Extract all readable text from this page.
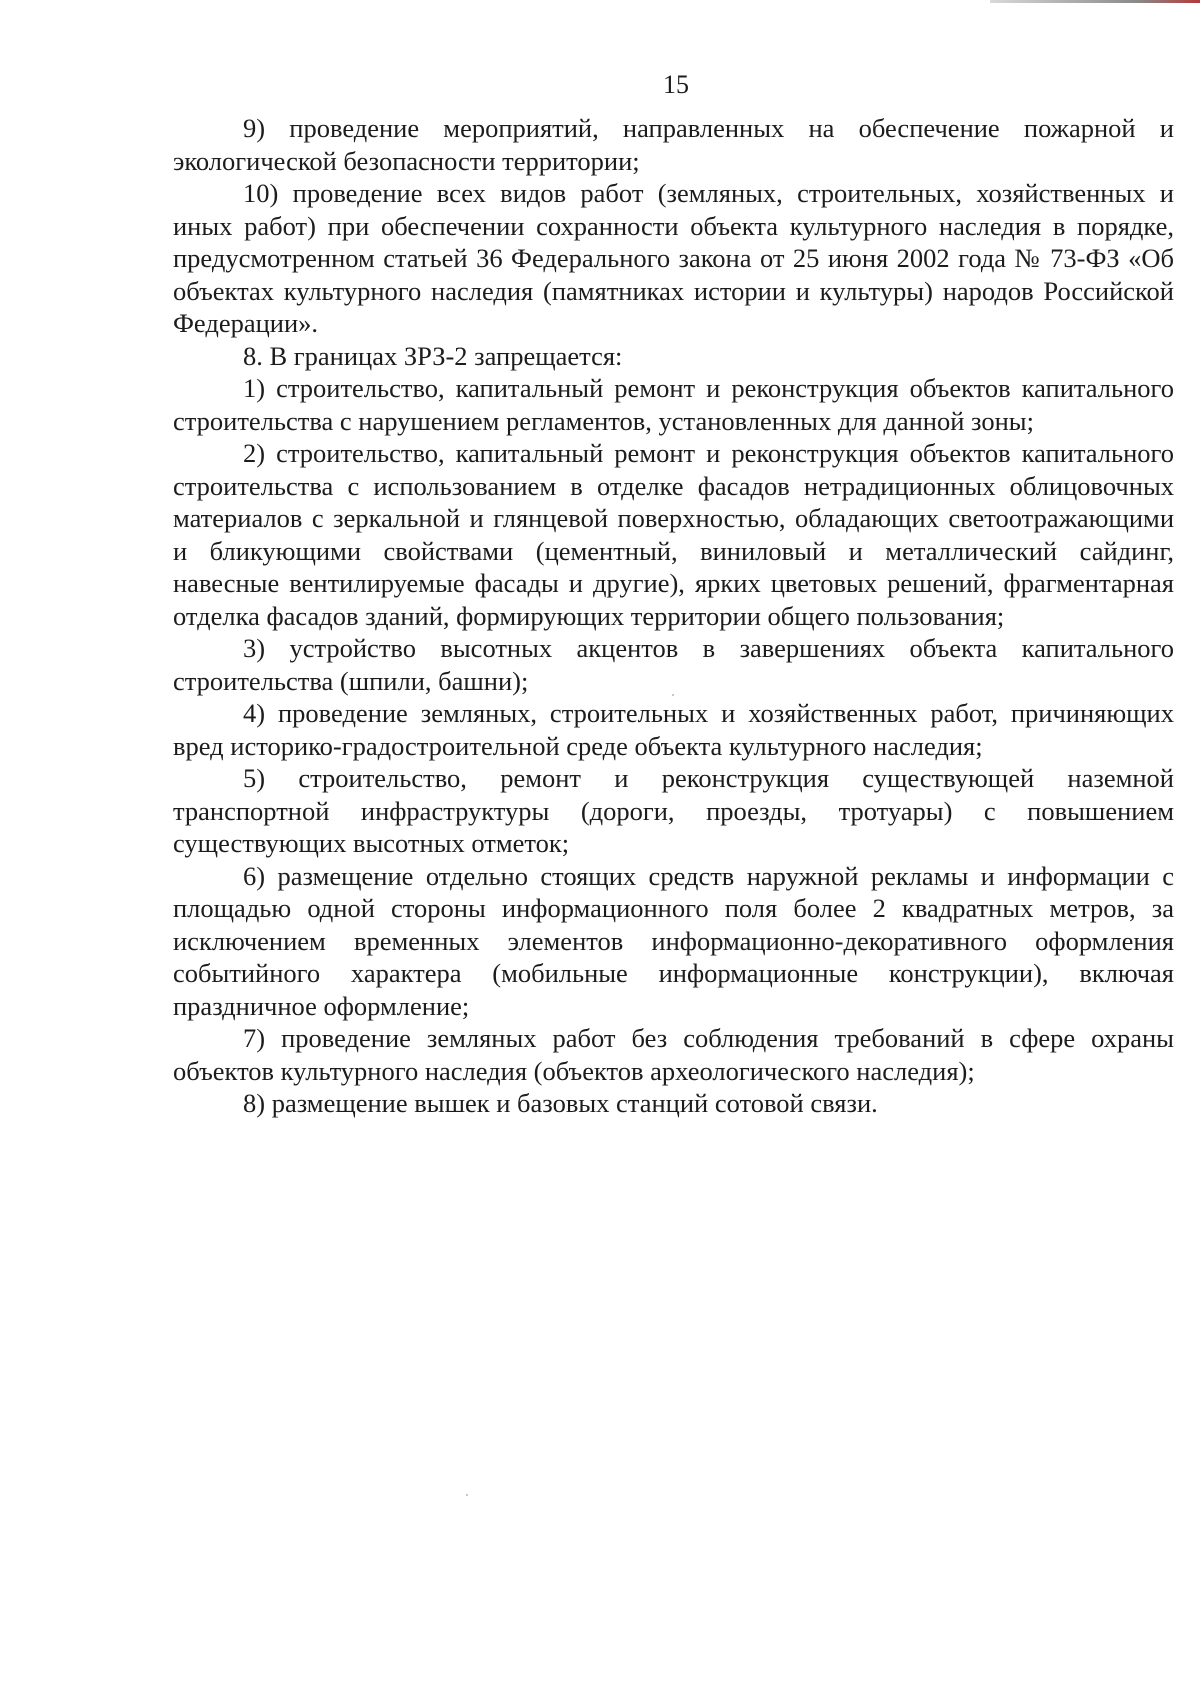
15

9) проведение мероприятий, направленных на обеспечение пожарной и экологической безопасности территории;

10) проведение всех видов работ (земляных, строительных, хозяйственных и иных работ) при обеспечении сохранности объекта культурного наследия в порядке, предусмотренном статьей 36 Федерального закона от 25 июня 2002 года № 73-ФЗ «Об объектах культурного наследия (памятниках истории и культуры) народов Российской Федерации».

8. В границах ЗРЗ-2 запрещается:

1) строительство, капитальный ремонт и реконструкция объектов капитального строительства с нарушением регламентов, установленных для данной зоны;

2) строительство, капитальный ремонт и реконструкция объектов капитального строительства с использованием в отделке фасадов нетрадиционных облицовочных материалов с зеркальной и глянцевой поверхностью, обладающих светоотражающими и бликующими свойствами (цементный, виниловый и металлический сайдинг, навесные вентилируемые фасады и другие), ярких цветовых решений, фрагментарная отделка фасадов зданий, формирующих территории общего пользования;

3) устройство высотных акцентов в завершениях объекта капитального строительства (шпили, башни);

4) проведение земляных, строительных и хозяйственных работ, причиняющих вред историко-градостроительной среде объекта культурного наследия;

5) строительство, ремонт и реконструкция существующей наземной транспортной инфраструктуры (дороги, проезды, тротуары) с повышением существующих высотных отметок;

6) размещение отдельно стоящих средств наружной рекламы и информации с площадью одной стороны информационного поля более 2 квадратных метров, за исключением временных элементов информационно-декоративного оформления событийного характера (мобильные информационные конструкции), включая праздничное оформление;

7) проведение земляных работ без соблюдения требований в сфере охраны объектов культурного наследия (объектов археологического наследия);

8) размещение вышек и базовых станций сотовой связи.
